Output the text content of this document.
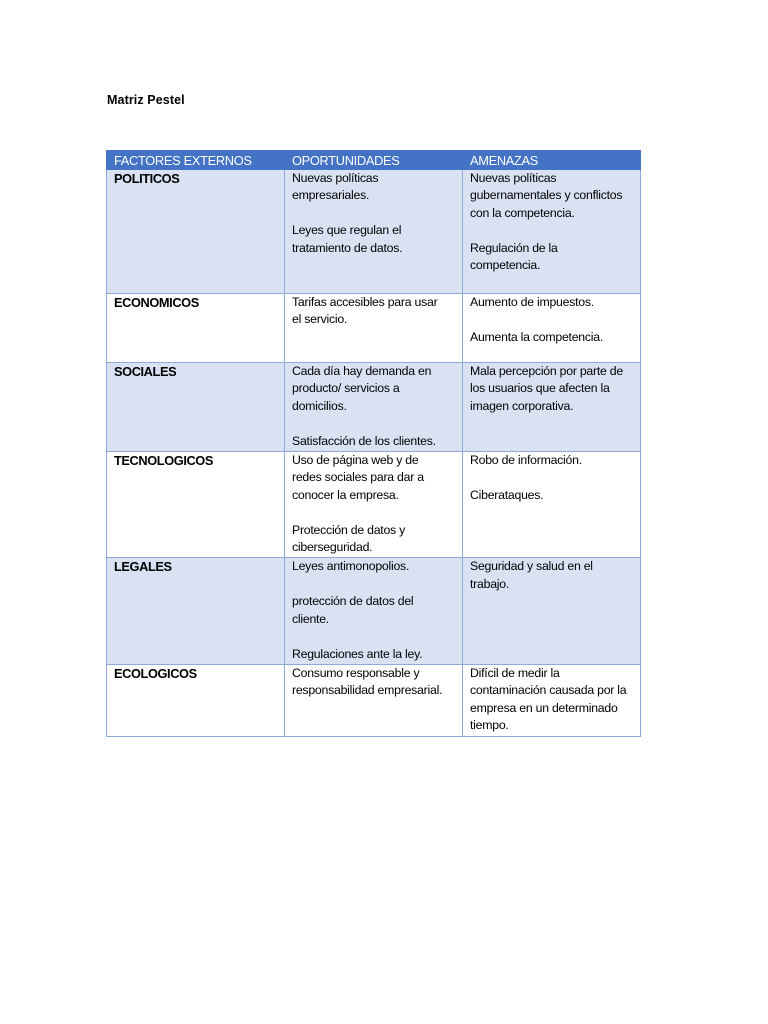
Matriz Pestel
FACTORES EXTERNOS	OPORTUNIDADES	AMENAZAS
POLITICOS	Nuevas políticas
empresariales.

Leyes que regulan el
tratamiento de datos.	Nuevas políticas
gubernamentales y conflictos
con la competencia.

Regulación de la
competencia.

ECONOMICOS	Tarifas accesibles para usar
el servicio.	Aumento de impuestos.

Aumenta la competencia.

SOCIALES	Cada día hay demanda en
producto/ servicios a
domicilios.

Satisfacción de los clientes.	Mala percepción por parte de
los usuarios que afecten la
imagen corporativa.

TECNOLOGICOS	Uso de página web y de
redes sociales para dar a
conocer la empresa.

Protección de datos y
ciberseguridad.	Robo de información.

Ciberataques.

LEGALES	Leyes antimonopolios.

protección de datos del
cliente.

Regulaciones ante la ley.	Seguridad y salud en el
trabajo.

ECOLOGICOS	Consumo responsable y
responsabilidad empresarial.	Difícil de medir la
contaminación causada por la
empresa en un determinado
tiempo.
